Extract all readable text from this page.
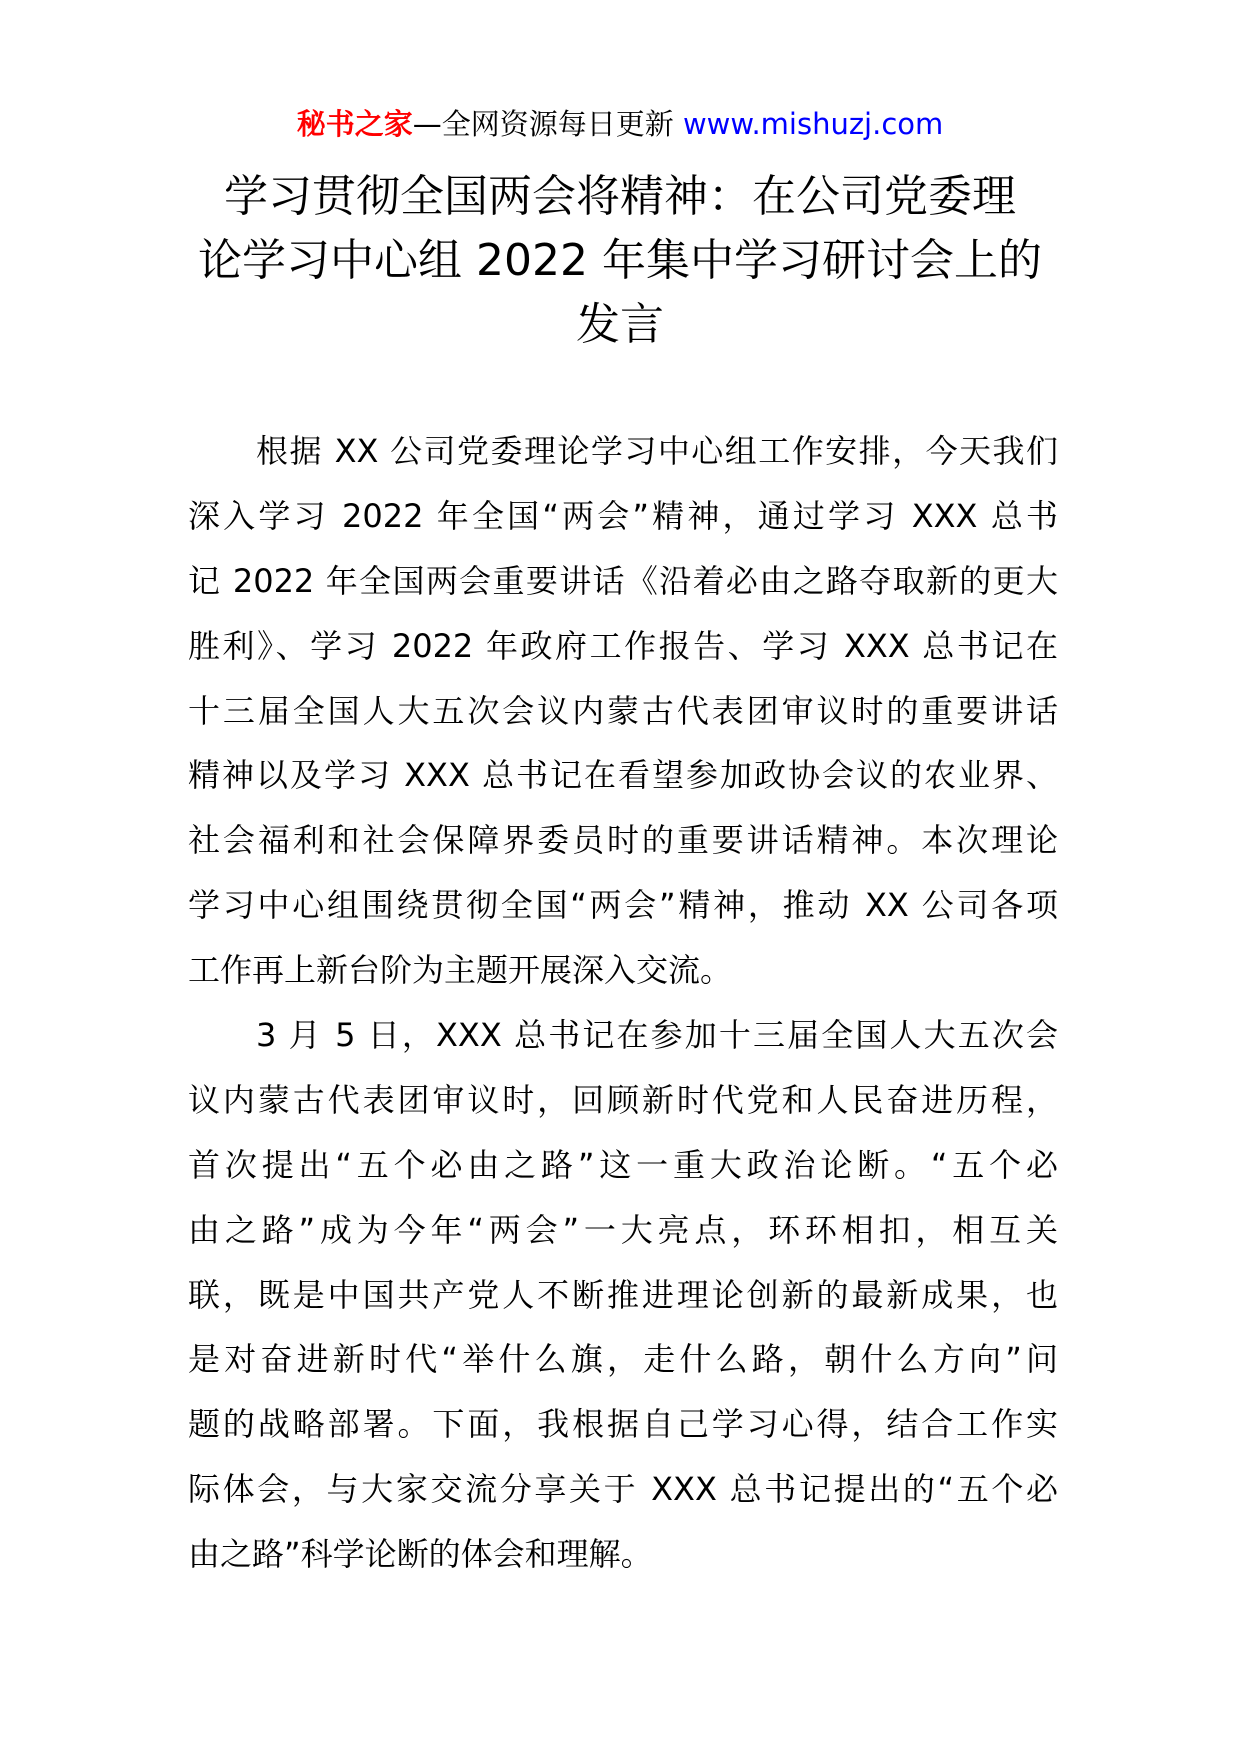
秘书之家—全网资源每日更新 www.mishuzj.com
学习贯彻全国两会将精神：在公司党委理
论学习中心组 2022 年集中学习研讨会上的
发言
根据 XX 公司党委理论学习中心组工作安排，今天我们
深入学习 2022 年全国“两会”精神，通过学习 XXX 总书
记 2022 年全国两会重要讲话《沿着必由之路夺取新的更大
胜利》、学习 2022 年政府工作报告、学习 XXX 总书记在
十三届全国人大五次会议内蒙古代表团审议时的重要讲话
精神以及学习 XXX 总书记在看望参加政协会议的农业界、
社会福利和社会保障界委员时的重要讲话精神。本次理论
学习中心组围绕贯彻全国“两会”精神，推动 XX 公司各项
工作再上新台阶为主题开展深入交流。
3 月 5 日，XXX 总书记在参加十三届全国人大五次会
议内蒙古代表团审议时，回顾新时代党和人民奋进历程，
首次提出“五个必由之路”这一重大政治论断。“五个必
由之路”成为今年“两会”一大亮点，环环相扣，相互关
联，既是中国共产党人不断推进理论创新的最新成果，也
是对奋进新时代“举什么旗，走什么路，朝什么方向”问
题的战略部署。下面，我根据自己学习心得，结合工作实
际体会，与大家交流分享关于 XXX 总书记提出的“五个必
由之路”科学论断的体会和理解。
